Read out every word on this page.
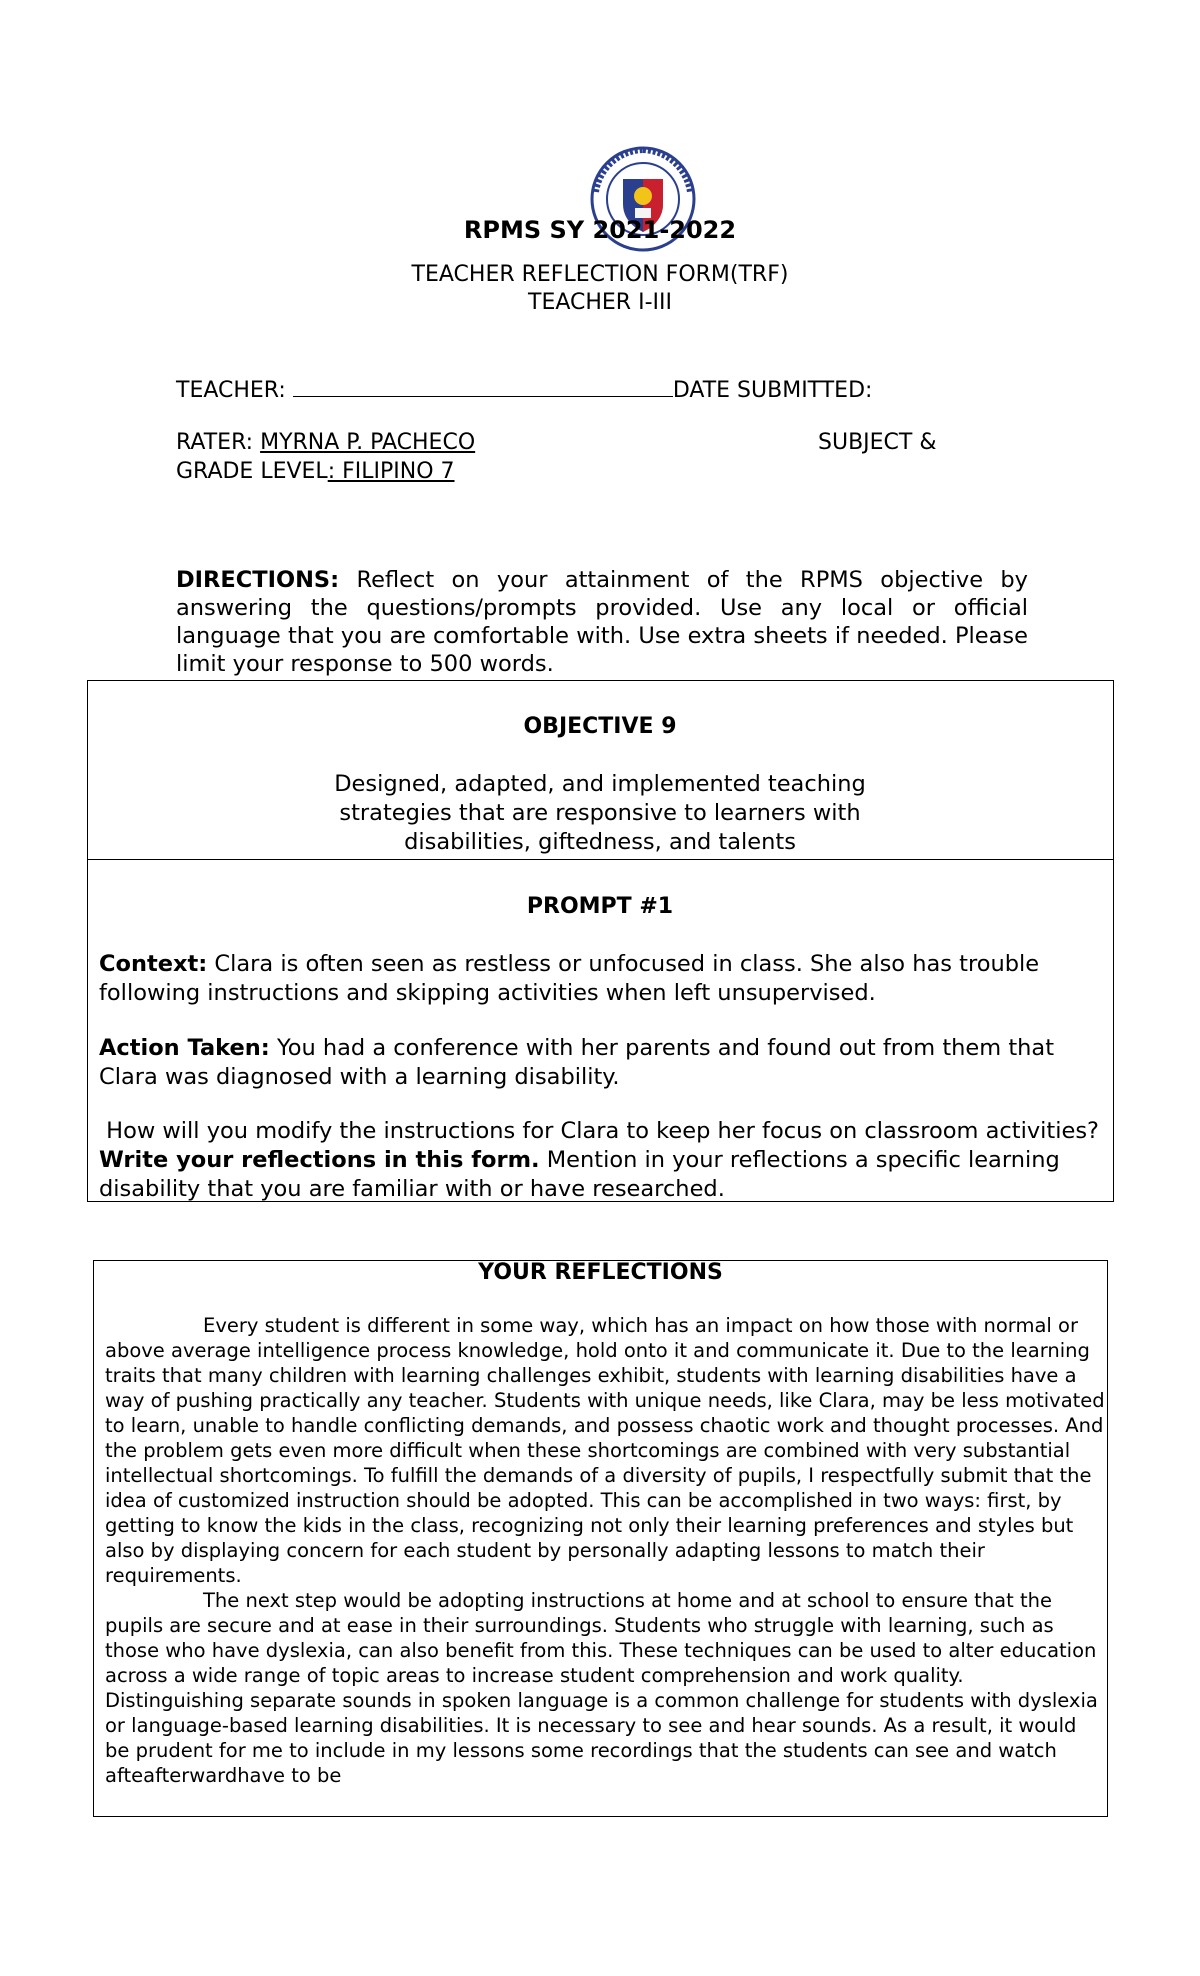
RPMS SY 2021-2022
TEACHER REFLECTION FORM(TRF)
TEACHER I-III
TEACHER:	DATE SUBMITTED:
RATER: MYRNA P. PACHECO	SUBJECT &
GRADE LEVEL: FILIPINO 7
DIRECTIONS: Reflect on your attainment of the RPMS objective by answering the questions/prompts provided. Use any local or official language that you are comfortable with. Use extra sheets if needed. Please limit your response to 500 words.
OBJECTIVE 9
Designed, adapted, and implemented teaching strategies that are responsive to learners with disabilities, giftedness, and talents
PROMPT #1
Context: Clara is often seen as restless or unfocused in class. She also has trouble following instructions and skipping activities when left unsupervised.
Action Taken: You had a conference with her parents and found out from them that Clara was diagnosed with a learning disability.
How will you modify the instructions for Clara to keep her focus on classroom activities? Write your reflections in this form. Mention in your reflections a specific learning disability that you are familiar with or have researched.
YOUR REFLECTIONS

Every student is different in some way, which has an impact on how those with normal or above average intelligence process knowledge, hold onto it and communicate it. Due to the learning traits that many children with learning challenges exhibit, students with learning disabilities have a way of pushing practically any teacher. Students with unique needs, like Clara, may be less motivated to learn, unable to handle conflicting demands, and possess chaotic work and thought processes. And the problem gets even more difficult when these shortcomings are combined with very substantial intellectual shortcomings. To fulfill the demands of a diversity of pupils, I respectfully submit that the idea of customized instruction should be adopted. This can be accomplished in two ways: first, by getting to know the kids in the class, recognizing not only their learning preferences and styles but also by displaying concern for each student by personally adapting lessons to match their requirements.

The next step would be adopting instructions at home and at school to ensure that the pupils are secure and at ease in their surroundings. Students who struggle with learning, such as those who have dyslexia, can also benefit from this. These techniques can be used to alter education across a wide range of topic areas to increase student comprehension and work quality. Distinguishing separate sounds in spoken language is a common challenge for students with dyslexia or language-based learning disabilities. It is necessary to see and hear sounds. As a result, it would be prudent for me to include in my lessons some recordings that the students can see and watch afteafterwardhave to be
